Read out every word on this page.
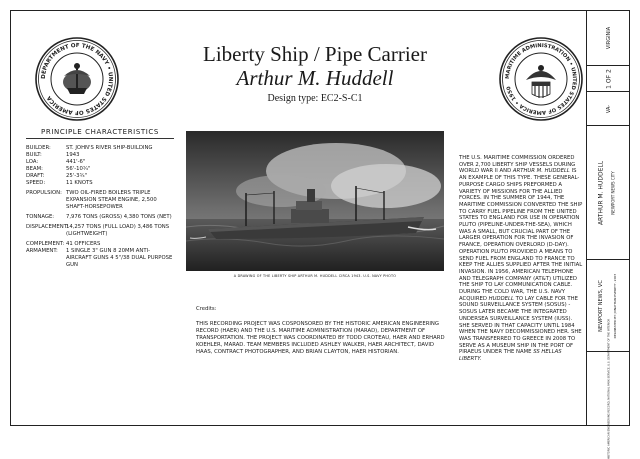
DEPARTMENT OF THE NAVY • UNITED STATES OF AMERICA
MARITIME ADMINISTRATION • UNITED STATES OF AMERICA • 1950
Liberty Ship / Pipe Carrier
Arthur M. Huddell
Design type: EC2-S-C1
PRINCIPLE CHARACTERISTICS
BUILDER:	ST. JOHN'S RIVER SHIP-BUILDING
BUILT:	1943
LOA:	441'-6"
BEAM:	56'-10¾"
DRAFT:	25'-3¾"
SPEED:	11 KNOTS
PROPULSION: TWO OIL-FIRED BOILERS TRIPLE EXPANSION STEAM ENGINE, 2,500 SHAFT-HORSEPOWER
TONNAGE:	7,976 TONS (GROSS) 4,380 TONS (NET)
DISPLACEMENT:
14,257 TONS (FULL LOAD) 3,486 TONS (LIGHTWEIGHT)
COMPLEMENT: 41 OFFICERS
ARMAMENT:	1 SINGLE 3" GUN 8 20MM ANTI-AIRCRAFT GUNS 4 5"/38 DUAL PURPOSE GUN
A DRAWING OF THE LIBERTY SHIP ARTHUR M. HUDDELL CIRCA 1943. U.S. NAVY PHOTO
Credits:
THIS RECORDING PROJECT WAS COSPONSORED BY THE HISTORIC AMERICAN ENGINEERING RECORD (HAER) AND THE U.S. MARITIME ADMINISTRATION (MARAD), DEPARTMENT OF TRANSPORTATION. THE PROJECT WAS COORDINATED BY TODD CROTEAU, HAER AND ERHARD KOEHLER, MARAD. TEAM MEMBERS INCLUDED ASHLEY WALKER, HAER ARCHITECT, DAVID HAAS, CONTRACT PHOTOGRAPHER, AND BRIAN CLAYTON, HAER HISTORIAN.
THE U.S. MARITIME COMMISSION ORDERED OVER 2,700 LIBERTY SHIP VESSELS DURING WORLD WAR II AND ARTHUR M. HUDDELL IS AN EXAMPLE OF THIS TYPE. THESE GENERAL-PURPOSE CARGO SHIPS PREFORMED A VARIETY OF MISSIONS FOR THE ALLIED FORCES. IN THE SUMMER OF 1944, THE MARITIME COMMISSION CONVERTED THE SHIP TO CARRY FUEL PIPELINE FROM THE UNITED STATES TO ENGLAND FOR USE IN OPERATION PLUTO (PIPELINE-UNDER-THE-SEA), WHICH WAS A SMALL, BUT CRUCIAL PART OF THE LARGER OPERATION FOR THE INVASION OF FRANCE, OPERATION OVERLORD (D-DAY). OPERATION PLUTO PROVIDED A MEANS TO SEND FUEL FROM ENGLAND TO FRANCE TO KEEP THE ALLIES SUPPLIED AFTER THE INITIAL INVASION. IN 1956, AMERICAN TELEPHONE AND TELEGRAPH COMPANY (AT&T) UTILIZED THE SHIP TO LAY COMMUNICATION CABLE. DURING THE COLD WAR, THE U.S. NAVY ACQUIRED HUDDELL TO LAY CABLE FOR THE SOUND SURVEILLANCE SYSTEM (SOSUS) - SOSUS LATER BECAME THE INTEGRATED UNDERSEA SURVEILLANCE SYSTEM (IUSS). SHE SERVED IN THAT CAPACITY UNTIL 1984 WHEN THE NAVY DECOMMISSIONED HER. SHE WAS TRANSFERRED TO GREECE IN 2008 TO SERVE AS A MUSEUM SHIP IN THE PORT OF PIRAEUS UNDER THE NAME SS HELLAS LIBERTY.
VIRGINIA
1 OF 2
VA-
ARTHUR M. HUDDELL NEWPORT NEWS CITY
NEWPORT NEWS, VC	DELINEATED BY: JONATHAN EVERETT, 2007
HISTORIC AMERICAN ENGINEERING RECORD, NATIONAL PARK SERVICE, U.S. DEPARTMENT OF THE INTERIOR
